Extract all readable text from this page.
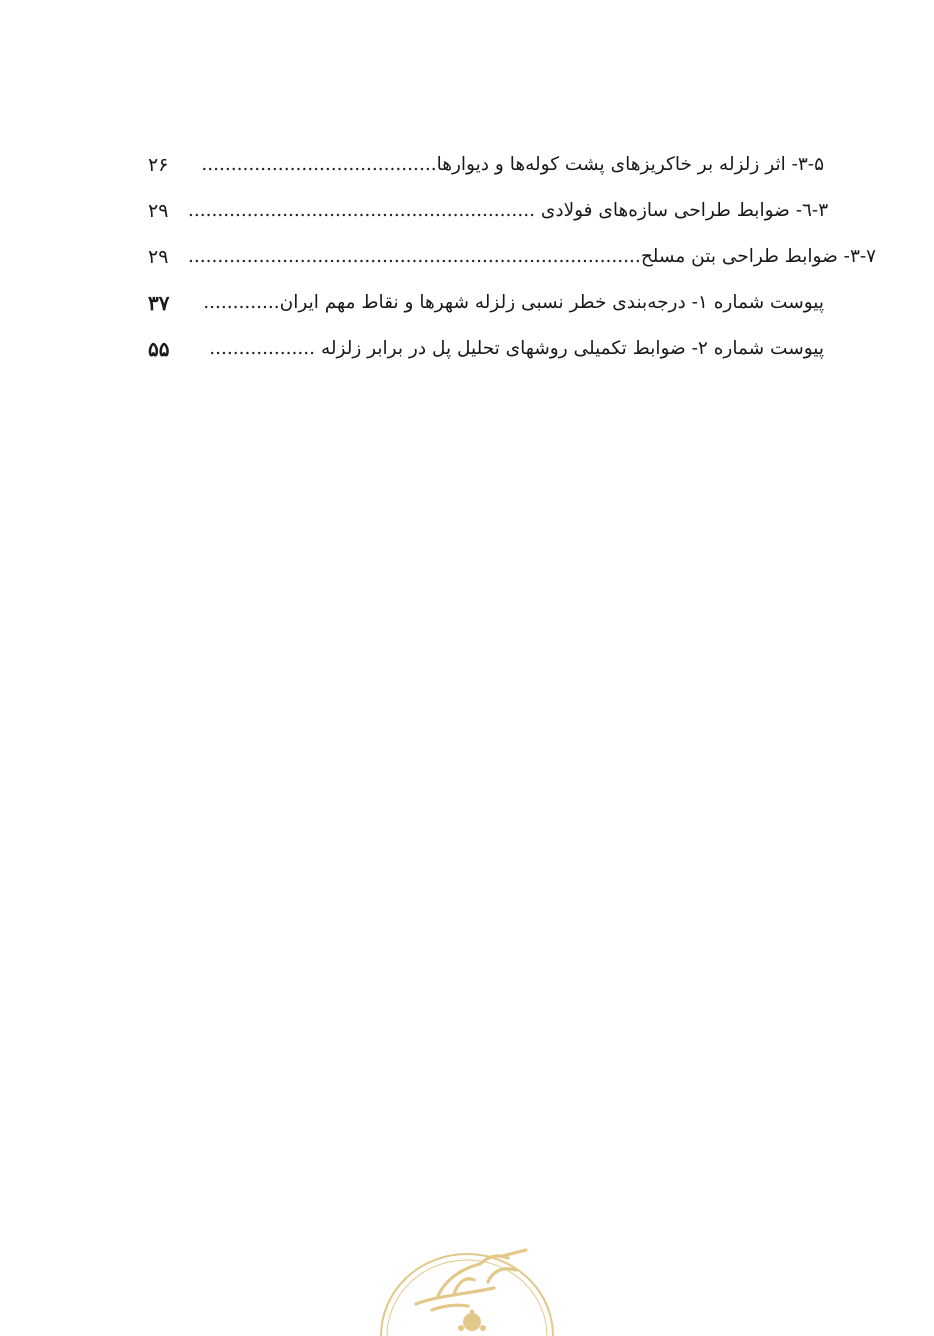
۲۶	۳-۵- اثر زلزله بر خاکریزهای پشت کوله‌ها و دیوارها........................................
۲۹	۳-٦- ضوابط طراحی سازه‌های فولادی ...........................................................
۲۹	۳-۷- ضوابط طراحی بتن مسلح.............................................................................
۳۷	پیوست شماره ۱- درجه‌بندی خطر نسبی زلزله شهرها و نقاط مهم ایران.............
۵۵	پیوست شماره ۲- ضوابط تکمیلی روشهای تحلیل پل در برابر زلزله ..................
